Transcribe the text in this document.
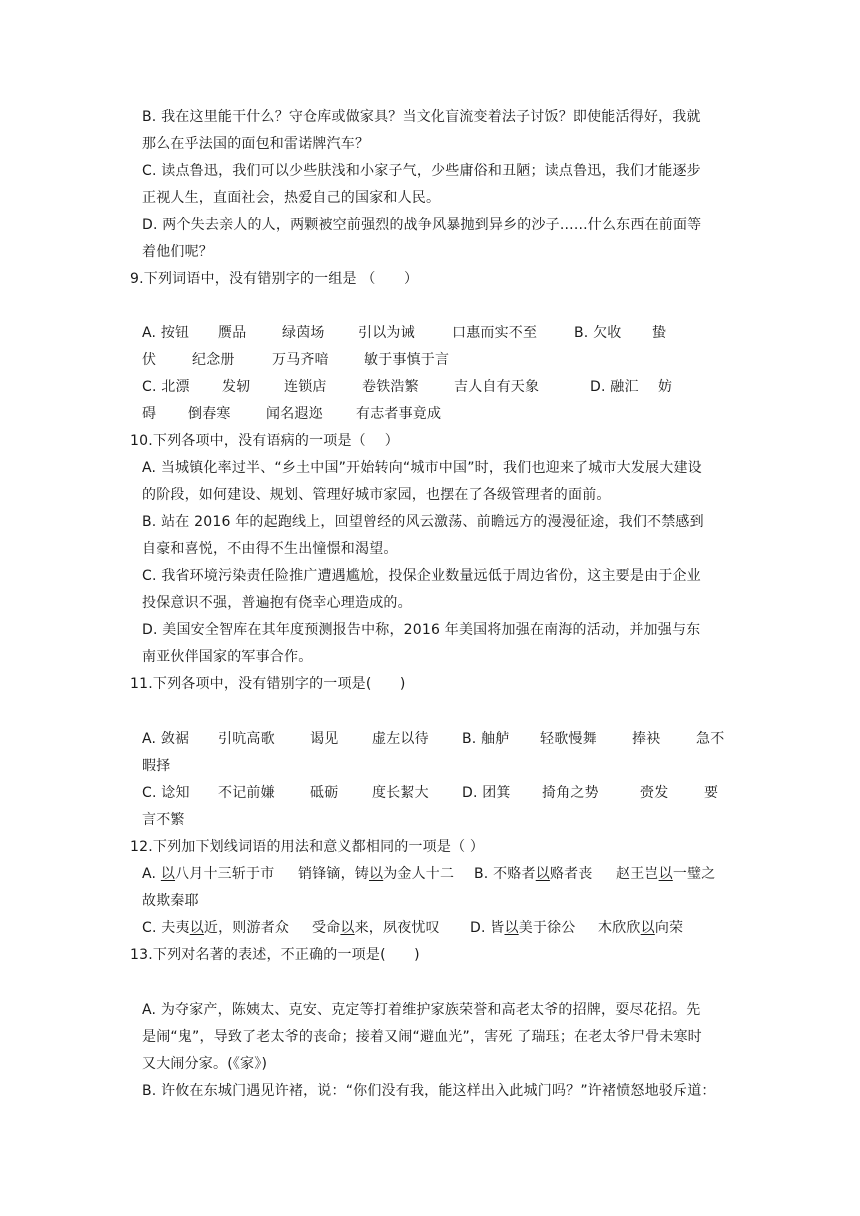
B. 我在这里能干什么？守仓库或做家具？当文化盲流变着法子讨饭？即使能活得好，我就
那么在乎法国的面包和雷诺牌汽车？
C. 读点鲁迅，我们可以少些肤浅和小家子气，少些庸俗和丑陋；读点鲁迅，我们才能逐步
正视人生，直面社会，热爱自己的国家和人民。
D. 两个失去亲人的人，两颗被空前强烈的战争风暴抛到异乡的沙子......什么东西在前面等
着他们呢？
9.下列词语中，没有错别字的一组是 （　　）
A. 按钮 赝品	绿茵场 引以为诫	口惠而实不至	B. 欠收 蛰
伏	纪念册	万马齐喑	敏于事慎于言
C. 北漂 发轫 连锁店	卷铁浩繁	吉人自有天象	D. 融汇 妨
碍 倒春寒	闻名遐迩 有志者事竟成
10.下列各项中，没有语病的一项是（　 ）
A. 当城镇化率过半、“乡土中国”开始转向“城市中国”时，我们也迎来了城市大发展大建设
的阶段，如何建设、规划、管理好城市家园，也摆在了各级管理者的面前。
B. 站在 2016 年的起跑线上，回望曾经的风云激荡、前瞻远方的漫漫征途，我们不禁感到
自豪和喜悦，不由得不生出憧憬和渴望。
C. 我省环境污染责任险推广遭遇尴尬，投保企业数量远低于周边省份，这主要是由于企业
投保意识不强，普遍抱有侥幸心理造成的。
D. 美国安全智库在其年度预测报告中称，2016 年美国将加强在南海的活动，并加强与东
南亚伙伴国家的军事合作。
11.下列各项中，没有错别字的一项是(　　)
A. 敛裾 引吭高歌	谒见 虚左以待 B. 舳舻 轻歌慢舞	捧袂	急不
暇择
C. 谂知 不记前嫌	砥砺 度长絜大 D. 团箕 掎角之势	赍发	要
言不繁
12.下列加下划线词语的用法和意义都相同的一项是（ ）
A. 以八月十三斩于市 销锋镝，铸以为金人十二 B. 不赂者以赂者丧 赵王岂以一璧之
故欺秦耶
C. 夫夷以近，则游者众 受命以来，夙夜忧叹 D. 皆以美于徐公 木欣欣以向荣
13.下列对名著的表述，不正确的一项是(　　)
A. 为夺家产，陈姨太、克安、克定等打着维护家族荣誉和高老太爷的招牌，耍尽花招。先
是闹“鬼”，导致了老太爷的丧命；接着又闹“避血光”，害死 了瑞珏；在老太爷尸骨未寒时
又大闹分家。(《家》)
B. 许攸在东城门遇见许褚，说：“你们没有我，能这样出入此城门吗？”许褚愤怒地驳斥道：
